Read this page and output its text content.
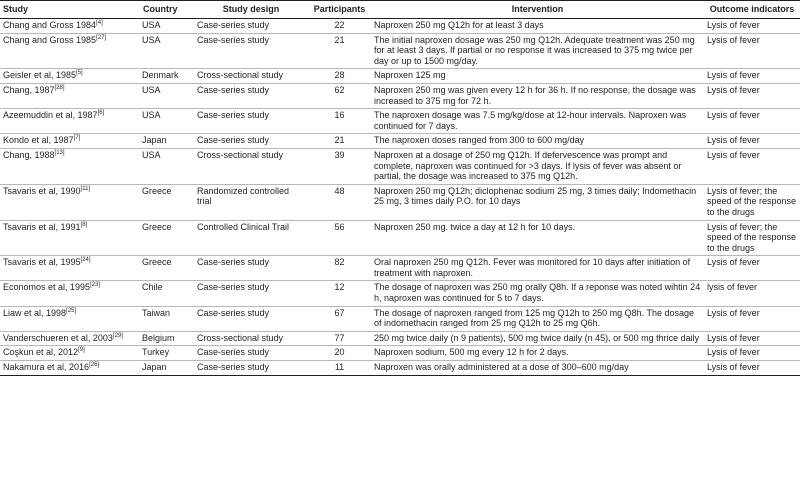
Study	Country	Study design	Participants	Intervention	Outcome indicators
Chang and Gross 1984[4]	USA	Case-series study	22	Naproxen 250 mg Q12h for at least 3 days	Lysis of fever
Chang and Gross 1985[27]	USA	Case-series study	21	The initial naproxen dosage was 250 mg Q12h. Adequate treatment was 250 mg for at least 3 days. If partial or no response it was increased to 375 mg twice per day or up to 1500 mg/day.	Lysis of fever
Geisler et al, 1985[5]	Denmark	Cross-sectional study	28	Naproxen 125 mg	Lysis of fever
Chang, 1987[28]	USA	Case-series study	62	Naproxen 250 mg was given every 12 h for 36 h. If no response, the dosage was increased to 375 mg for 72 h.	Lysis of fever
Azeemuddin et al, 1987[6]	USA	Case-series study	16	The naproxen dosage was 7.5 mg/kg/dose at 12-hour intervals. Naproxen was continued for 7 days.	Lysis of fever
Kondo et al, 1987[7]	Japan	Case-series study	21	The naproxen doses ranged from 300 to 600 mg/day	Lysis of fever
Chang, 1988[13]	USA	Cross-sectional study	39	Naproxen at a dosage of 250 mg Q12h. If defervescence was prompt and complete, naproxen was continued for >3 days. If lysis of fever was absent or partial, the dosage was increased to 375 mg Q12h.	Lysis of fever
Tsavaris et al, 1990[11]	Greece	Randomized controlled trial	48	Naproxen 250 mg Q12h; diclophenac sodium 25 mg, 3 times daily; Indomethacin 25 mg, 3 times daily P.O. for 10 days	Lysis of fever; the speed of the response to the drugs
Tsavaris et al, 1991[8]	Greece	Controlled Clinical Trail	56	Naproxen 250 mg. twice a day at 12 h for 10 days.	Lysis of fever; the speed of the response to the drugs
Tsavaris et al, 1995[24]	Greece	Case-series study	82	Oral naproxen 250 mg Q12h. Fever was monitored for 10 days after initiation of treatment with naproxen.	Lysis of fever
Economos et al, 1995[23]	Chile	Case-series study	12	The dosage of naproxen was 250 mg orally Q8h. If a reponse was noted wihtin 24 h, naproxen was continued for 5 to 7 days.	lysis of fever
Liaw et al, 1998[25]	Taiwan	Case-series study	67	The dosage of naproxen ranged from 125 mg Q12h to 250 mg Q8h. The dosage of indomethacin ranged from 25 mg Q12h to 25 mg Q6h.	Lysis of fever
Vanderschueren et al, 2003[29]	Belgium	Cross-sectional study	77	250 mg twice daily (n 9 patients), 500 mg twice daily (n 45), or 500 mg thrice daily	Lysis of fever
Coşkun et al, 2012[9]	Turkey	Case-series study	20	Naproxen sodium, 500 mg every 12 h for 2 days.	Lysis of fever
Nakamura et al, 2016[26]	Japan	Case-series study	11	Naproxen was orally administered at a dose of 300–600 mg/day	Lysis of fever
